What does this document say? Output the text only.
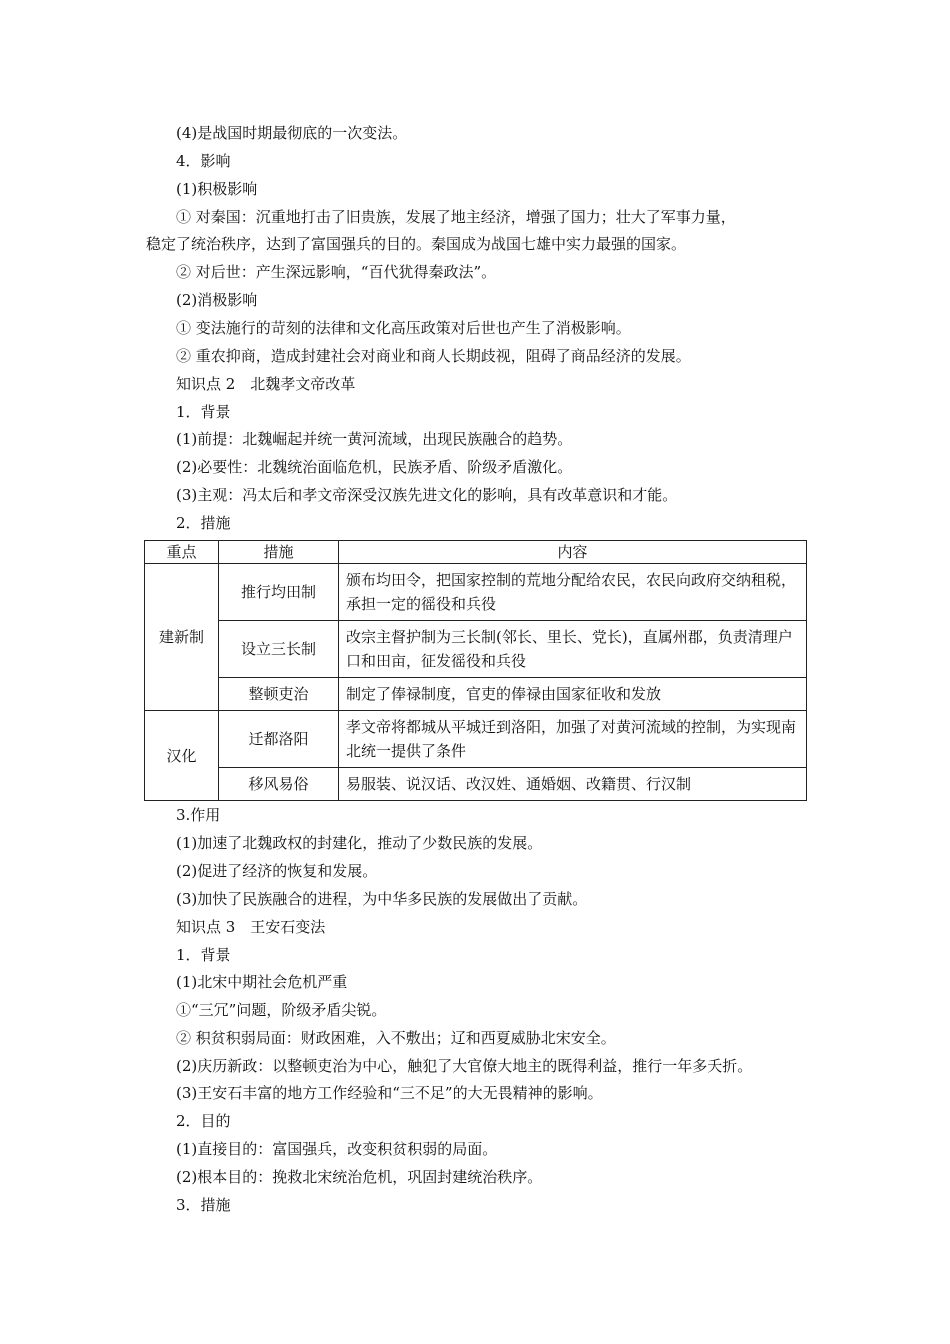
(4)是战国时期最彻底的一次变法。
4．影响
(1)积极影响
① 对秦国：沉重地打击了旧贵族，发展了地主经济，增强了国力；壮大了军事力量，
稳定了统治秩序，达到了富国强兵的目的。秦国成为战国七雄中实力最强的国家。
② 对后世：产生深远影响，“百代犹得秦政法”。
(2)消极影响
① 变法施行的苛刻的法律和文化高压政策对后世也产生了消极影响。
② 重农抑商，造成封建社会对商业和商人长期歧视，阻碍了商品经济的发展。
知识点 2　北魏孝文帝改革
1．背景
(1)前提：北魏崛起并统一黄河流域，出现民族融合的趋势。
(2)必要性：北魏统治面临危机，民族矛盾、阶级矛盾激化。
(3)主观：冯太后和孝文帝深受汉族先进文化的影响，具有改革意识和才能。
2．措施
重点	措施	内容
建新制	推行均田制	颁布均田令，把国家控制的荒地分配给农民，农民向政府交纳租税，承担一定的徭役和兵役
	设立三长制	改宗主督护制为三长制(邻长、里长、党长)，直属州郡，负责清理户口和田亩，征发徭役和兵役
	整顿吏治	制定了俸禄制度，官吏的俸禄由国家征收和发放
汉化	迁都洛阳	孝文帝将都城从平城迁到洛阳，加强了对黄河流域的控制，为实现南北统一提供了条件
	移风易俗	易服装、说汉话、改汉姓、通婚姻、改籍贯、行汉制
3.作用
(1)加速了北魏政权的封建化，推动了少数民族的发展。
(2)促进了经济的恢复和发展。
(3)加快了民族融合的进程，为中华多民族的发展做出了贡献。
知识点 3　王安石变法
1．背景
(1)北宋中期社会危机严重
①“三冗”问题，阶级矛盾尖锐。
② 积贫积弱局面：财政困难，入不敷出；辽和西夏威胁北宋安全。
(2)庆历新政：以整顿吏治为中心，触犯了大官僚大地主的既得利益，推行一年多夭折。
(3)王安石丰富的地方工作经验和“三不足”的大无畏精神的影响。
2．目的
(1)直接目的：富国强兵，改变积贫积弱的局面。
(2)根本目的：挽救北宋统治危机，巩固封建统治秩序。
3．措施
